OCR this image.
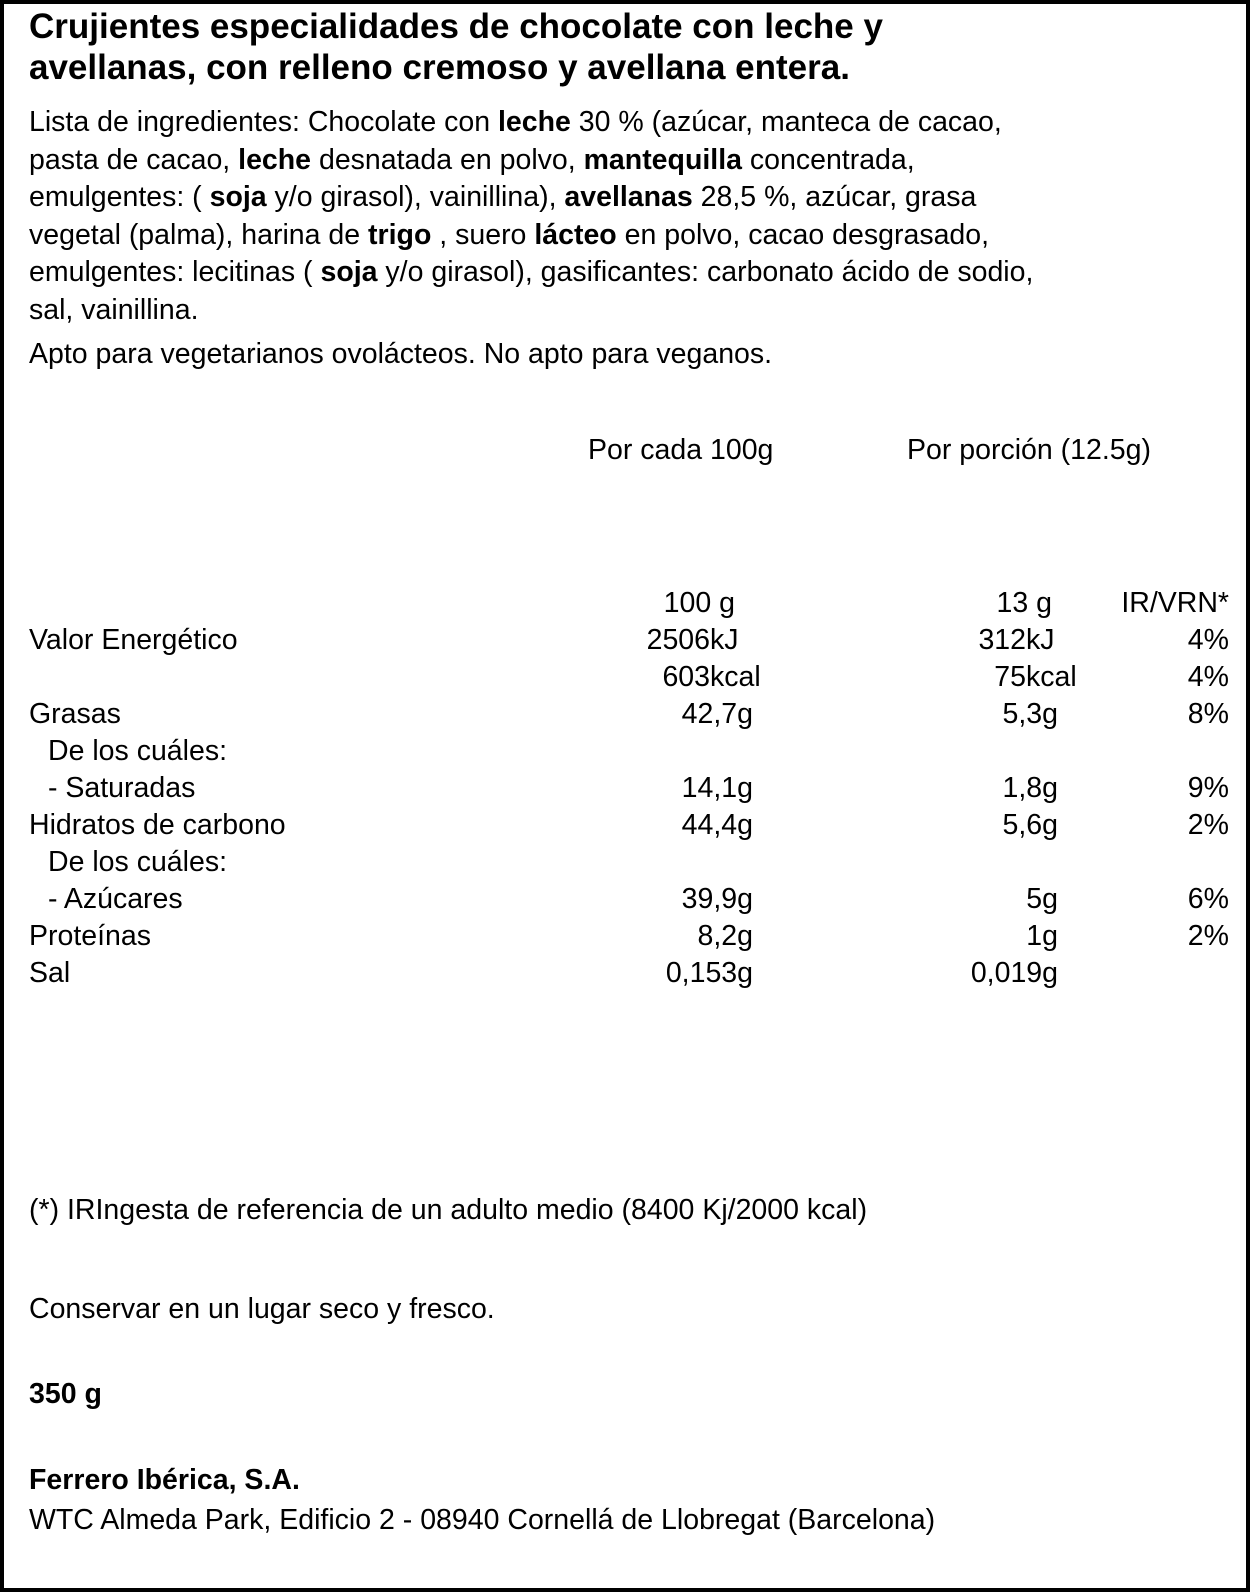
Crujientes especialidades de chocolate con leche y
avellanas, con relleno cremoso y avellana entera.
Lista de ingredientes: Chocolate con leche 30 % (azúcar, manteca de cacao,
pasta de cacao, leche desnatada en polvo, mantequilla concentrada,
emulgentes: ( soja y/o girasol), vainillina), avellanas 28,5 %, azúcar, grasa
vegetal (palma), harina de trigo , suero lácteo en polvo, cacao desgrasado,
emulgentes: lecitinas ( soja y/o girasol), gasificantes: carbonato ácido de sodio,
sal, vainillina.
Apto para vegetarianos ovolácteos. No apto para veganos.
Por cada 100g	Por porción (12.5g)
100 g	13 g IR/VRN*
Valor Energético	2506 kJ	312 kJ	4%
603 kcal	75 kcal	4%
Grasas	42,7g	5,3g	8%
De los cuáles:
- Saturadas	14,1g	1,8g	9%
Hidratos de carbono	44,4g	5,6g	2%
De los cuáles:
- Azúcares	39,9g	5g	6%
Proteínas	8,2g	1g	2%
Sal	0,153g	0,019g
(*) IRIngesta de referencia de un adulto medio (8400 Kj/2000 kcal)
Conservar en un lugar seco y fresco.
350 g
Ferrero Ibérica, S.A.
WTC Almeda Park, Edificio 2 - 08940 Cornellá de Llobregat (Barcelona)
